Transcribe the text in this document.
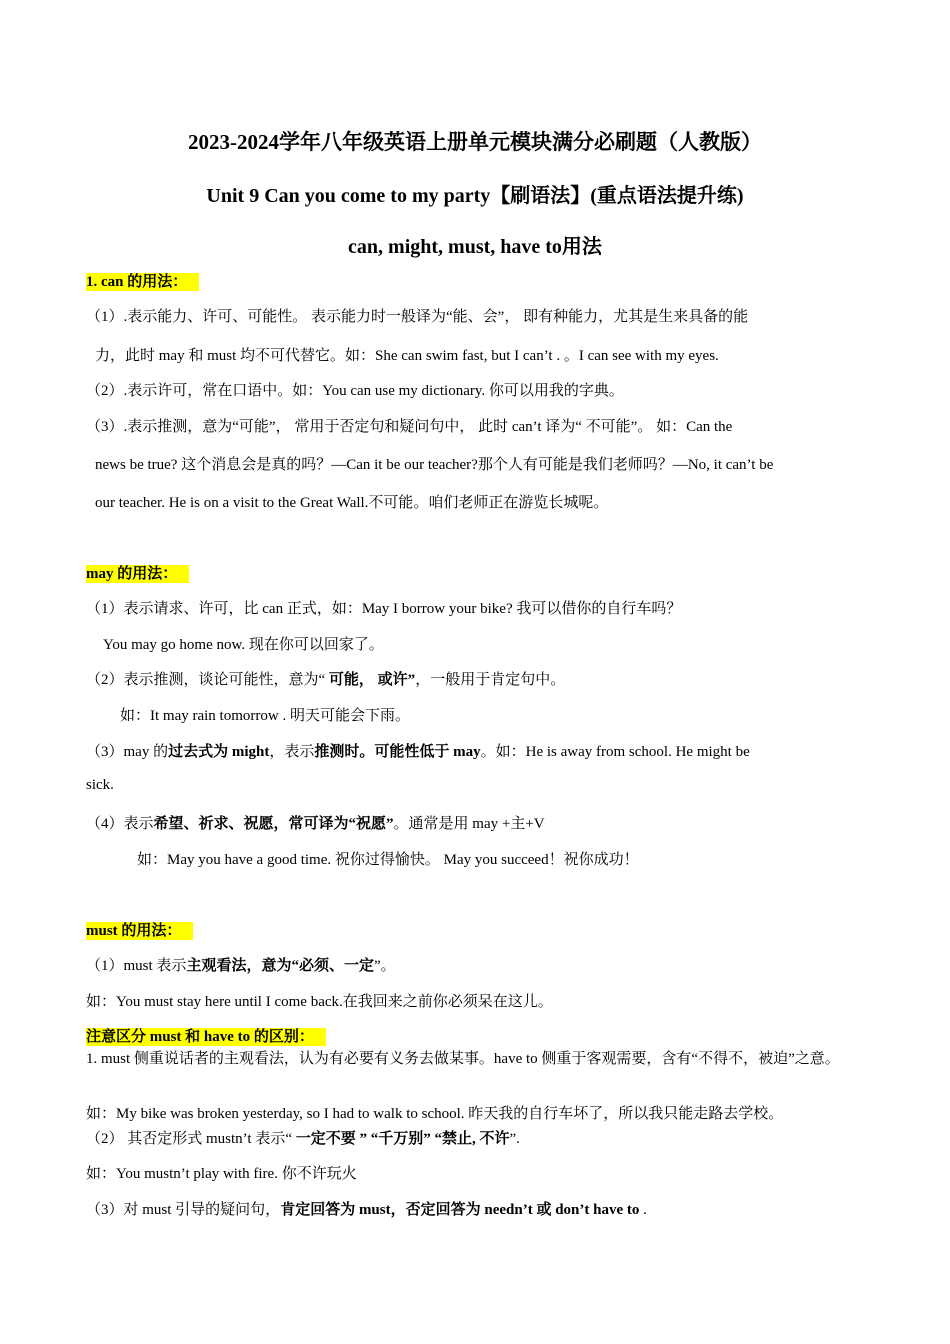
2023-2024学年八年级英语上册单元模块满分必刷题（人教版）
Unit 9 Can you come to my party【刷语法】(重点语法提升练)
can, might, must, have to用法
1. can 的用法：
（1）.表示能力、许可、可能性。 表示能力时一般译为“能、会”， 即有种能力，尤其是生来具备的能
力，此时 may 和 must 均不可代替它。如：She can swim fast, but I can’t . 。I can see with my eyes.
（2）.表示许可，常在口语中。如：You can use my dictionary. 你可以用我的字典。
（3）.表示推测，意为“可能”， 常用于否定句和疑问句中， 此时 can’t 译为“ 不可能”。 如：Can the
news be true? 这个消息会是真的吗？—Can it be our teacher?那个人有可能是我们老师吗？—No, it can’t be
our teacher. He is on a visit to the Great Wall.不可能。咱们老师正在游览长城呢。
may 的用法：
（1）表示请求、许可，比 can 正式，如：May I borrow your bike? 我可以借你的自行车吗？
You may go home now. 现在你可以回家了。
（2）表示推测，谈论可能性，意为“ 可能， 或许”，一般用于肯定句中。
如：It may rain tomorrow . 明天可能会下雨。
（3）may 的过去式为 might，表示推测时。可能性低于 may。如：He is away from school. He might be
sick.
（4）表示希望、祈求、祝愿，常可译为“祝愿”。通常是用 may +主+V
如：May you have a good time. 祝你过得愉快。 May you succeed！祝你成功！
must 的用法：
（1）must 表示主观看法，意为“必须、一定”。
如：You must stay here until I come back.在我回来之前你必须呆在这儿。
注意区分 must 和 have to 的区别：
1. must 侧重说话者的主观看法，认为有必要有义务去做某事。have to 侧重于客观需要，含有“不得不，被迫”之意。
如：My bike was broken yesterday, so I had to walk to school. 昨天我的自行车坏了，所以我只能走路去学校。
（2） 其否定形式 mustn’t 表示“ 一定不要 ” “千万别” “禁止, 不许”.
如：You mustn’t play with fire. 你不许玩火
（3）对 must 引导的疑问句，肯定回答为 must，否定回答为 needn’t 或 don’t have to .
